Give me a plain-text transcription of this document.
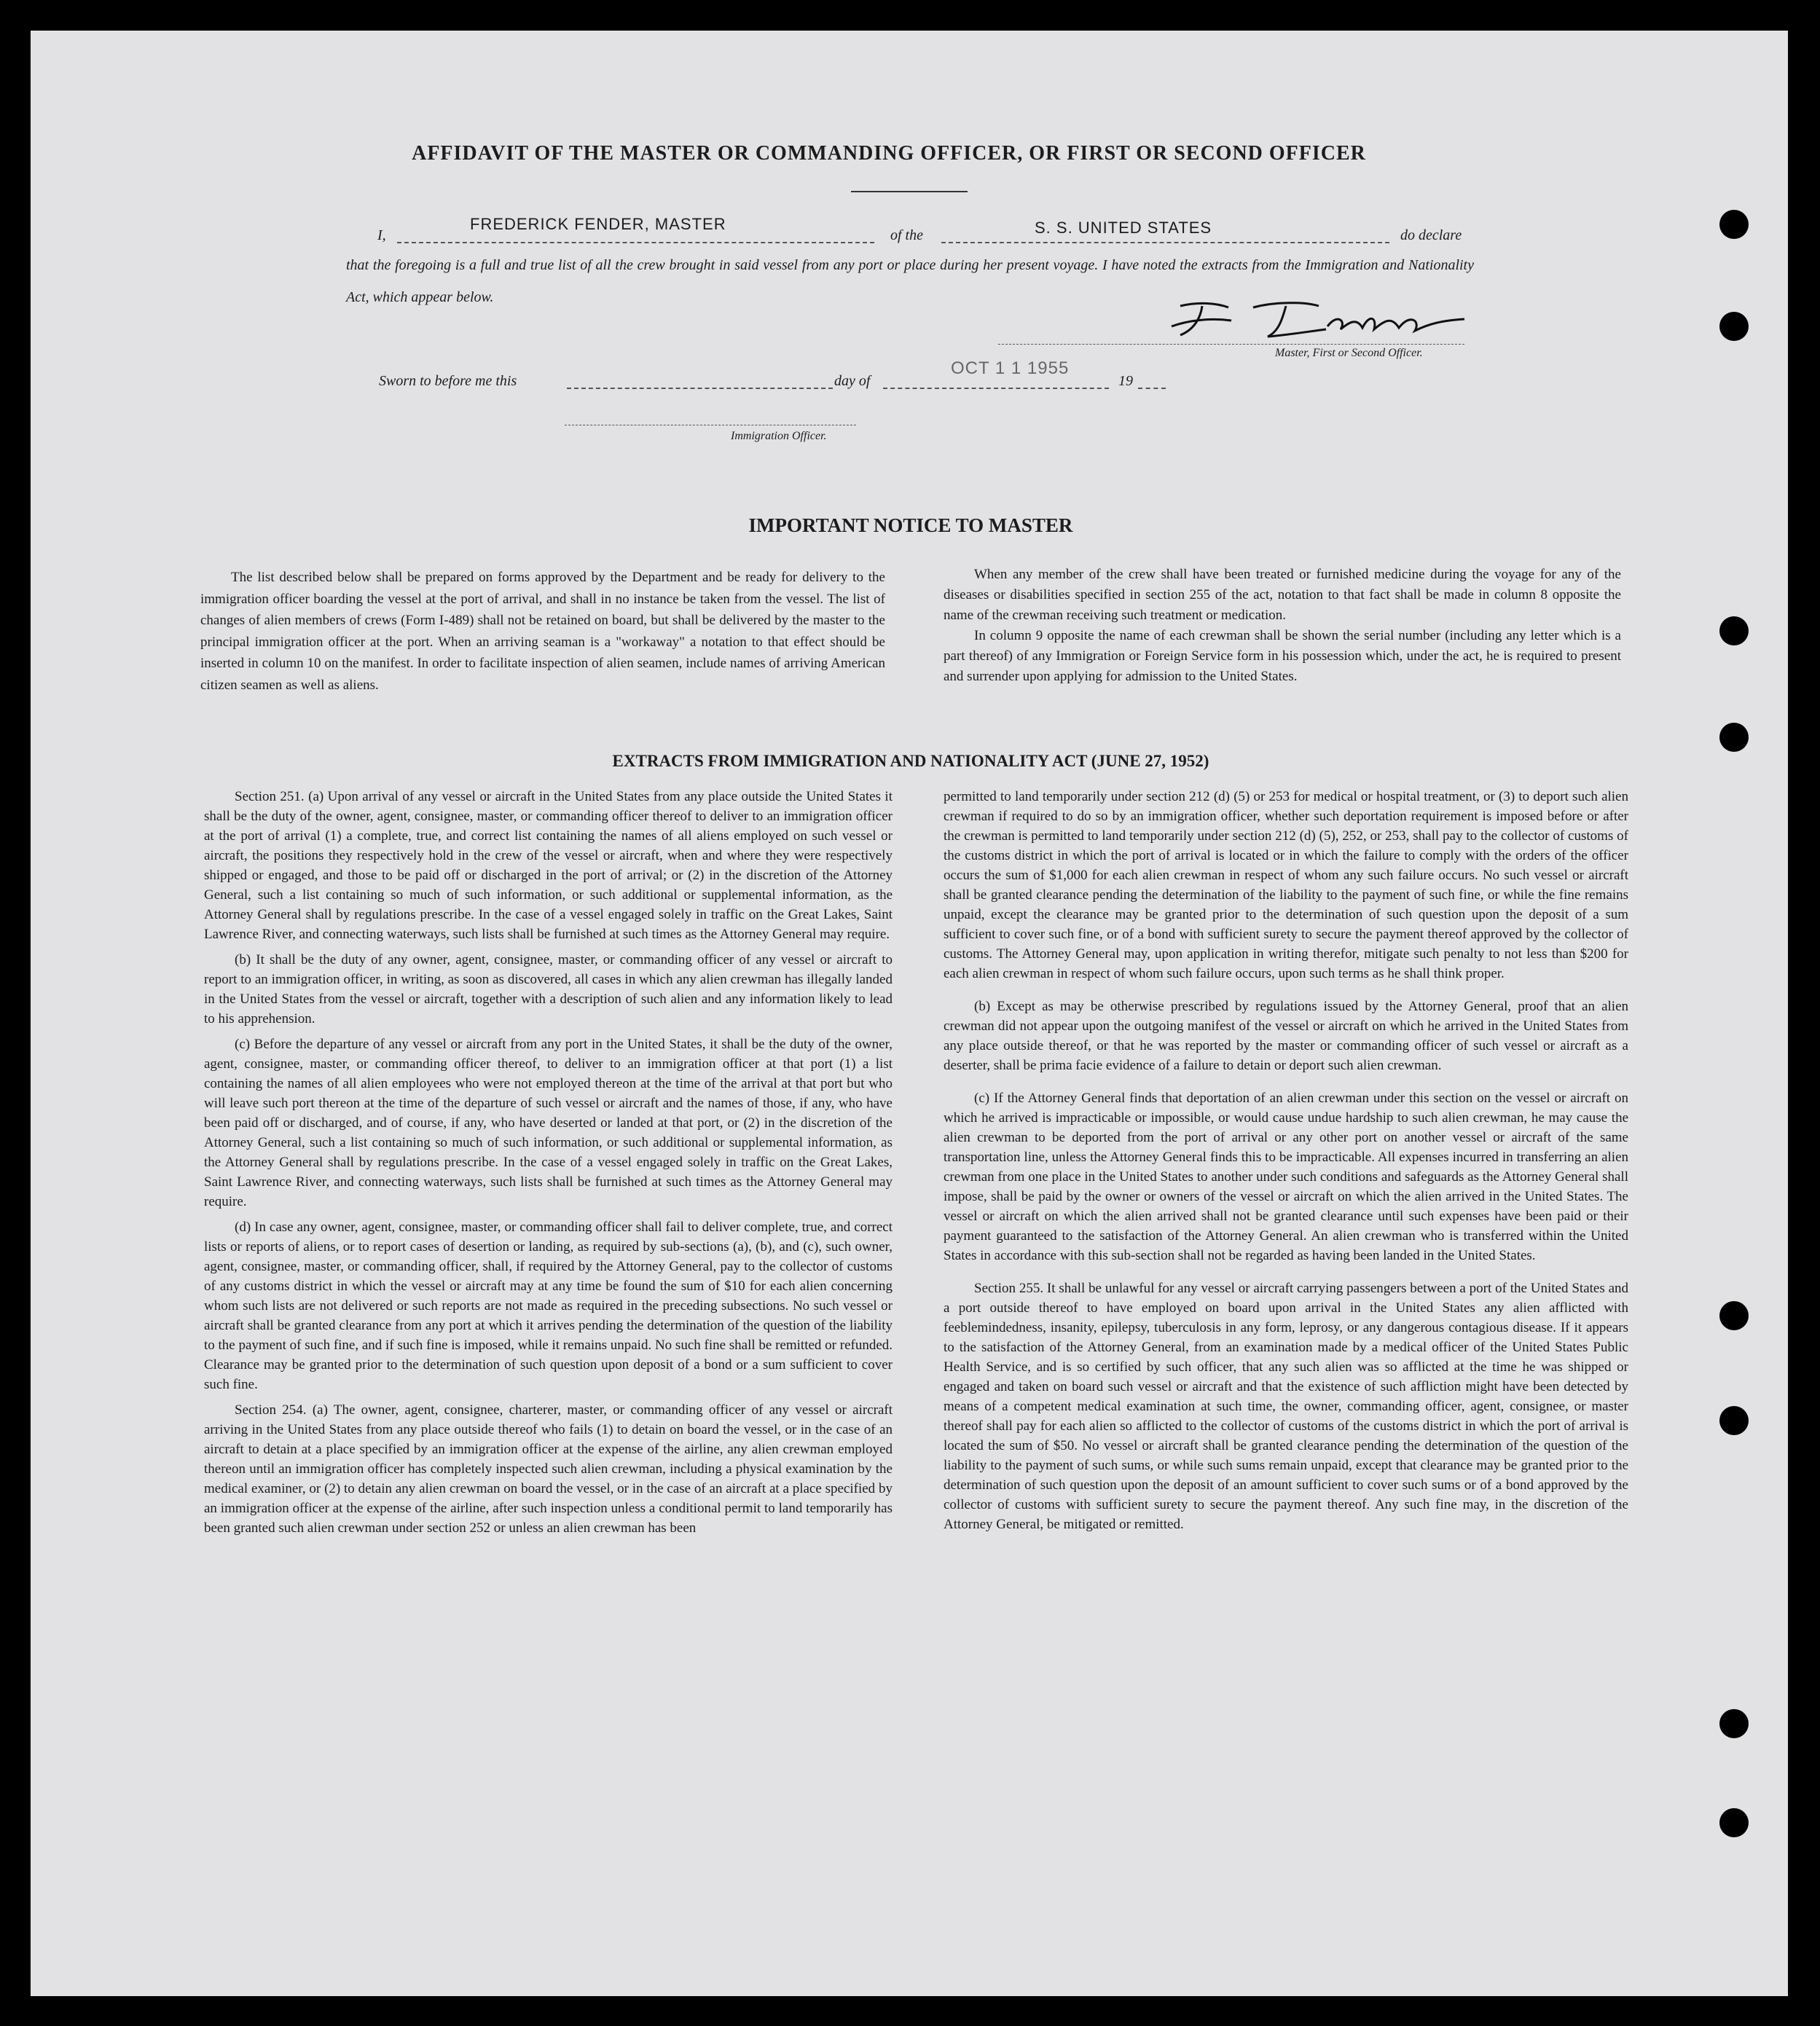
AFFIDAVIT OF THE MASTER OR COMMANDING OFFICER, OR FIRST OR SECOND OFFICER
I,
FREDERICK FENDER, MASTER
of the	S. S. UNITED STATES	do declare
that the foregoing is a full and true list of all the crew brought in said vessel from any port or place during her present voyage. I have noted the extracts from the Immigration and Nationality Act, which appear below.
Master, First or Second Officer.
Sworn to before me this	day of
OCT 1 1 1955
19
Immigration Officer.
IMPORTANT NOTICE TO MASTER

The list described below shall be prepared on forms approved by the Department and be ready for delivery to the immigration officer boarding the vessel at the port of arrival, and shall in no instance be taken from the vessel. The list of changes of alien members of crews (Form I-489) shall not be retained on board, but shall be delivered by the master to the principal immigration officer at the port. When an arriving seaman is a "workaway" a notation to that effect should be inserted in column 10 on the manifest. In order to facilitate inspection of alien seamen, include names of arriving American citizen seamen as well as aliens.

When any member of the crew shall have been treated or furnished medicine during the voyage for any of the diseases or disabilities specified in section 255 of the act, notation to that fact shall be made in column 8 opposite the name of the crewman receiving such treatment or medication.

In column 9 opposite the name of each crewman shall be shown the serial number (including any letter which is a part thereof) of any Immigration or Foreign Service form in his possession which, under the act, he is required to present and surrender upon applying for admission to the United States.

EXTRACTS FROM IMMIGRATION AND NATIONALITY ACT (JUNE 27, 1952)

Section 251. (a) Upon arrival of any vessel or aircraft in the United States from any place outside the United States it shall be the duty of the owner, agent, consignee, master, or commanding officer thereof to deliver to an immigration officer at the port of arrival (1) a complete, true, and correct list containing the names of all aliens employed on such vessel or aircraft, the positions they respectively hold in the crew of the vessel or aircraft, when and where they were respectively shipped or engaged, and those to be paid off or discharged in the port of arrival; or (2) in the discretion of the Attorney General, such a list containing so much of such information, or such additional or supplemental information, as the Attorney General shall by regulations prescribe. In the case of a vessel engaged solely in traffic on the Great Lakes, Saint Lawrence River, and connecting waterways, such lists shall be furnished at such times as the Attorney General may require.

(b) It shall be the duty of any owner, agent, consignee, master, or commanding officer of any vessel or aircraft to report to an immigration officer, in writing, as soon as discovered, all cases in which any alien crewman has illegally landed in the United States from the vessel or aircraft, together with a description of such alien and any information likely to lead to his apprehension.

(c) Before the departure of any vessel or aircraft from any port in the United States, it shall be the duty of the owner, agent, consignee, master, or commanding officer thereof, to deliver to an immigration officer at that port (1) a list containing the names of all alien employees who were not employed thereon at the time of the arrival at that port but who will leave such port thereon at the time of the departure of such vessel or aircraft and the names of those, if any, who have been paid off or discharged, and of course, if any, who have deserted or landed at that port, or (2) in the discretion of the Attorney General, such a list containing so much of such information, or such additional or supplemental information, as the Attorney General shall by regulations prescribe. In the case of a vessel engaged solely in traffic on the Great Lakes, Saint Lawrence River, and connecting waterways, such lists shall be furnished at such times as the Attorney General may require.

(d) In case any owner, agent, consignee, master, or commanding officer shall fail to deliver complete, true, and correct lists or reports of aliens, or to report cases of desertion or landing, as required by sub-sections (a), (b), and (c), such owner, agent, consignee, master, or commanding officer, shall, if required by the Attorney General, pay to the collector of customs of any customs district in which the vessel or aircraft may at any time be found the sum of $10 for each alien concerning whom such lists are not delivered or such reports are not made as required in the preceding subsections. No such vessel or aircraft shall be granted clearance from any port at which it arrives pending the determination of the question of the liability to the payment of such fine, and if such fine is imposed, while it remains unpaid. No such fine shall be remitted or refunded. Clearance may be granted prior to the determination of such question upon deposit of a bond or a sum sufficient to cover such fine.

Section 254. (a) The owner, agent, consignee, charterer, master, or commanding officer of any vessel or aircraft arriving in the United States from any place outside thereof who fails (1) to detain on board the vessel, or in the case of an aircraft to detain at a place specified by an immigration officer at the expense of the airline, any alien crewman employed thereon until an immigration officer has completely inspected such alien crewman, including a physical examination by the medical examiner, or (2) to detain any alien crewman on board the vessel, or in the case of an aircraft at a place specified by an immigration officer at the expense of the airline, after such inspection unless a conditional permit to land temporarily has been granted such alien crewman under section 252 or unless an alien crewman has been

permitted to land temporarily under section 212 (d) (5) or 253 for medical or hospital treatment, or (3) to deport such alien crewman if required to do so by an immigration officer, whether such deportation requirement is imposed before or after the crewman is permitted to land temporarily under section 212 (d) (5), 252, or 253, shall pay to the collector of customs of the customs district in which the port of arrival is located or in which the failure to comply with the orders of the officer occurs the sum of $1,000 for each alien crewman in respect of whom any such failure occurs. No such vessel or aircraft shall be granted clearance pending the determination of the liability to the payment of such fine, or while the fine remains unpaid, except the clearance may be granted prior to the determination of such question upon the deposit of a sum sufficient to cover such fine, or of a bond with sufficient surety to secure the payment thereof approved by the collector of customs. The Attorney General may, upon application in writing therefor, mitigate such penalty to not less than $200 for each alien crewman in respect of whom such failure occurs, upon such terms as he shall think proper.

(b) Except as may be otherwise prescribed by regulations issued by the Attorney General, proof that an alien crewman did not appear upon the outgoing manifest of the vessel or aircraft on which he arrived in the United States from any place outside thereof, or that he was reported by the master or commanding officer of such vessel or aircraft as a deserter, shall be prima facie evidence of a failure to detain or deport such alien crewman.

(c) If the Attorney General finds that deportation of an alien crewman under this section on the vessel or aircraft on which he arrived is impracticable or impossible, or would cause undue hardship to such alien crewman, he may cause the alien crewman to be deported from the port of arrival or any other port on another vessel or aircraft of the same transportation line, unless the Attorney General finds this to be impracticable. All expenses incurred in transferring an alien crewman from one place in the United States to another under such conditions and safeguards as the Attorney General shall impose, shall be paid by the owner or owners of the vessel or aircraft on which the alien arrived in the United States. The vessel or aircraft on which the alien arrived shall not be granted clearance until such expenses have been paid or their payment guaranteed to the satisfaction of the Attorney General. An alien crewman who is transferred within the United States in accordance with this sub-section shall not be regarded as having been landed in the United States.

Section 255. It shall be unlawful for any vessel or aircraft carrying passengers between a port of the United States and a port outside thereof to have employed on board upon arrival in the United States any alien afflicted with feeblemindedness, insanity, epilepsy, tuberculosis in any form, leprosy, or any dangerous contagious disease. If it appears to the satisfaction of the Attorney General, from an examination made by a medical officer of the United States Public Health Service, and is so certified by such officer, that any such alien was so afflicted at the time he was shipped or engaged and taken on board such vessel or aircraft and that the existence of such affliction might have been detected by means of a competent medical examination at such time, the owner, commanding officer, agent, consignee, or master thereof shall pay for each alien so afflicted to the collector of customs of the customs district in which the port of arrival is located the sum of $50. No vessel or aircraft shall be granted clearance pending the determination of the question of the liability to the payment of such sums, or while such sums remain unpaid, except that clearance may be granted prior to the determination of such question upon the deposit of an amount sufficient to cover such sums or of a bond approved by the collector of customs with sufficient surety to secure the payment thereof. Any such fine may, in the discretion of the Attorney General, be mitigated or remitted.
